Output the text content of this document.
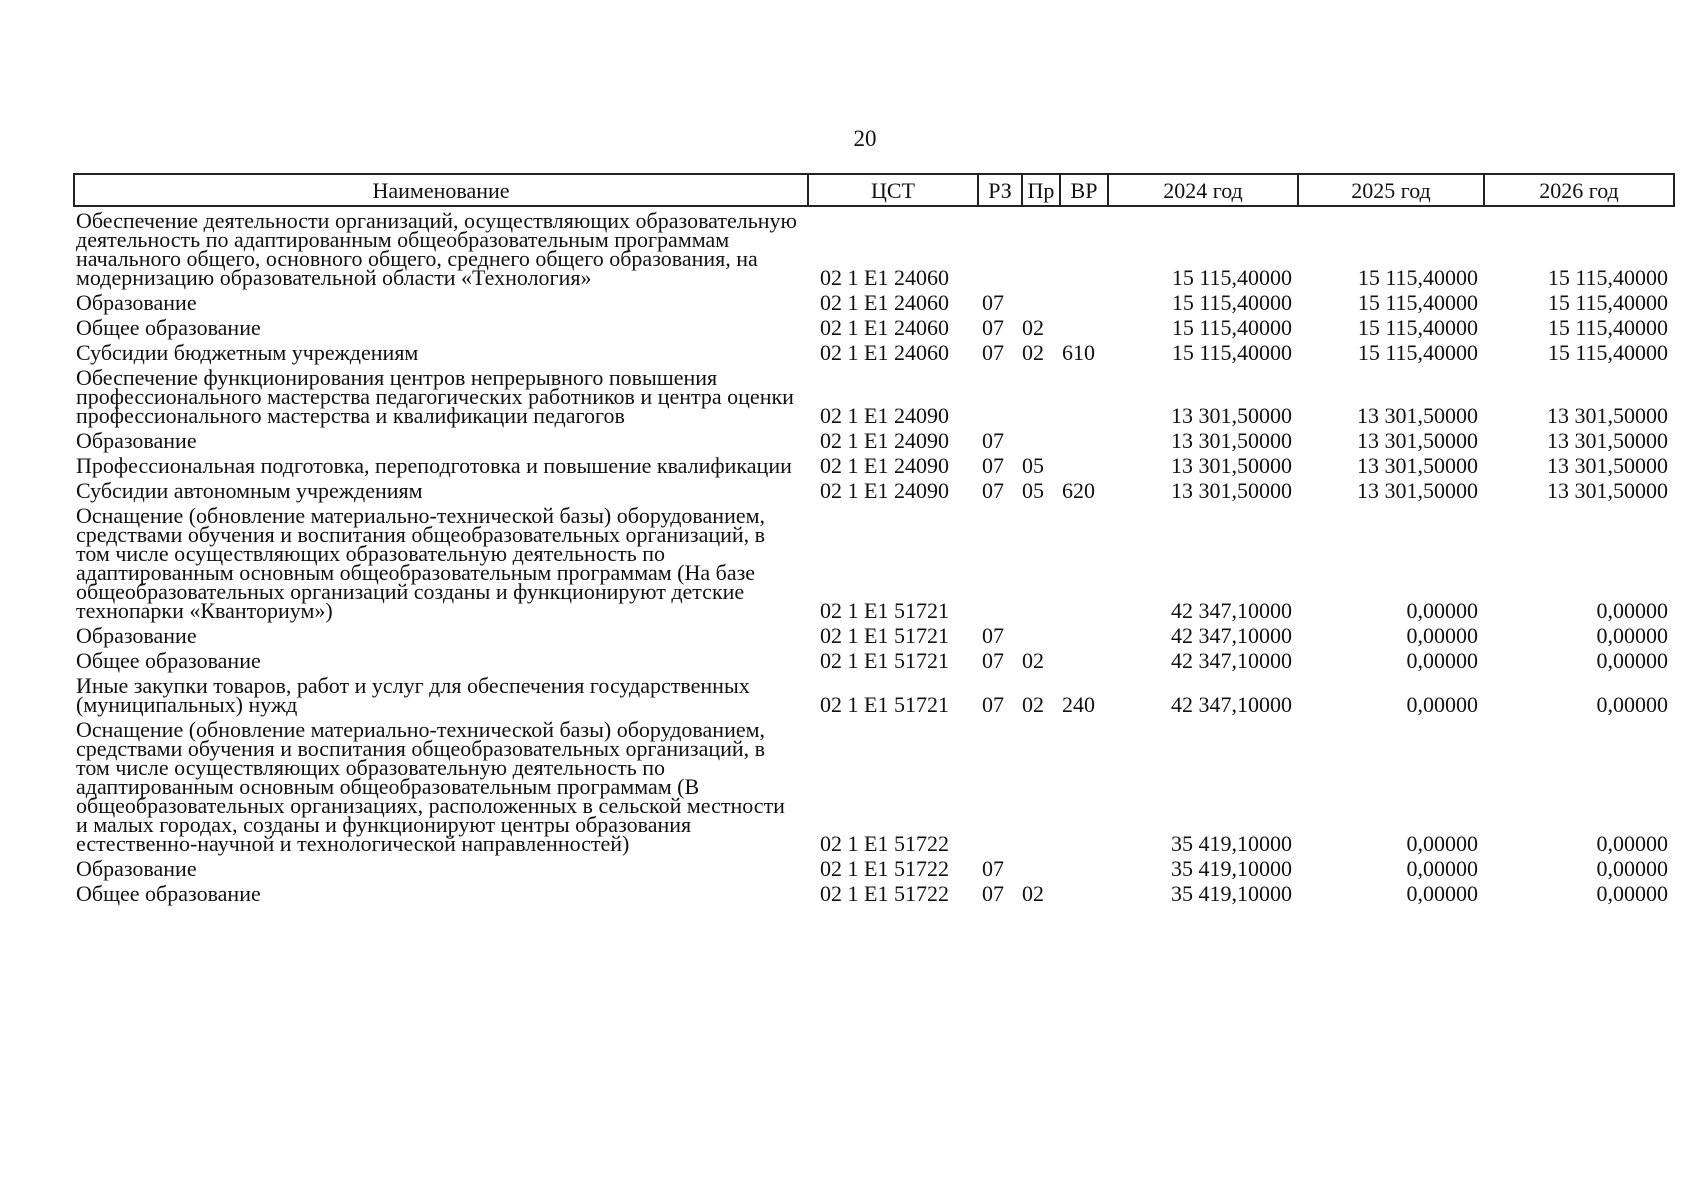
20
Наименование	ЦСТ	РЗ	Пр	ВР	2024 год	2025 год	2026 год
Обеспечение деятельности организаций, осуществляющих образовательную деятельность по адаптированным общеобразовательным программам начального общего, основного общего, среднего общего образования, на модернизацию образовательной области «Технология»	02 1 E1 24060				15 115,40000	15 115,40000	15 115,40000
Образование	02 1 E1 24060	07			15 115,40000	15 115,40000	15 115,40000
Общее образование	02 1 E1 24060	07	02		15 115,40000	15 115,40000	15 115,40000
Субсидии бюджетным учреждениям	02 1 E1 24060	07	02	610	15 115,40000	15 115,40000	15 115,40000
Обеспечение функционирования центров непрерывного повышения профессионального мастерства педагогических работников и центра оценки профессионального мастерства и квалификации педагогов	02 1 E1 24090				13 301,50000	13 301,50000	13 301,50000
Образование	02 1 E1 24090	07			13 301,50000	13 301,50000	13 301,50000
Профессиональная подготовка, переподготовка и повышение квалификации	02 1 E1 24090	07	05		13 301,50000	13 301,50000	13 301,50000
Субсидии автономным учреждениям	02 1 E1 24090	07	05	620	13 301,50000	13 301,50000	13 301,50000
Оснащение (обновление материально-технической базы) оборудованием, средствами обучения и воспитания общеобразовательных организаций, в том числе осуществляющих образовательную деятельность по адаптированным основным общеобразовательным программам (На базе общеобразовательных организаций созданы и функционируют детские технопарки «Кванториум»)	02 1 E1 51721				42 347,10000	0,00000	0,00000
Образование	02 1 E1 51721	07			42 347,10000	0,00000	0,00000
Общее образование	02 1 E1 51721	07	02		42 347,10000	0,00000	0,00000
Иные закупки товаров, работ и услуг для обеспечения государственных (муниципальных) нужд	02 1 E1 51721	07	02	240	42 347,10000	0,00000	0,00000
Оснащение (обновление материально-технической базы) оборудованием, средствами обучения и воспитания общеобразовательных организаций, в том числе осуществляющих образовательную деятельность по адаптированным основным общеобразовательным программам (В общеобразовательных организациях, расположенных в сельской местности и малых городах, созданы и функционируют центры образования естественно-научной и технологической направленностей)	02 1 E1 51722				35 419,10000	0,00000	0,00000
Образование	02 1 E1 51722	07			35 419,10000	0,00000	0,00000
Общее образование	02 1 E1 51722	07	02		35 419,10000	0,00000	0,00000
